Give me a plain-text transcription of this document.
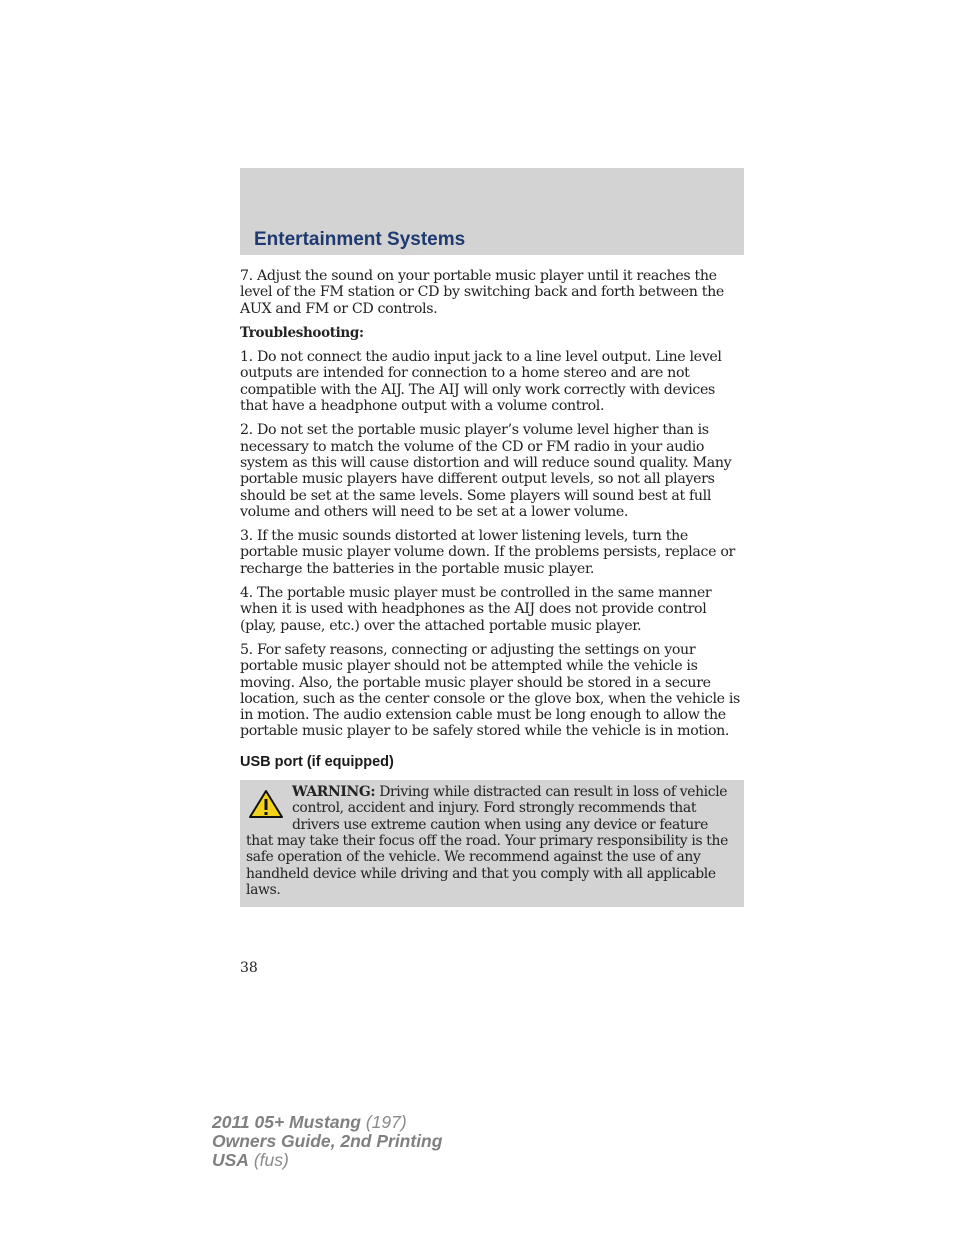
Entertainment Systems

7. Adjust the sound on your portable music player until it reaches the level of the FM station or CD by switching back and forth between the AUX and FM or CD controls.

Troubleshooting:

1. Do not connect the audio input jack to a line level output. Line level outputs are intended for connection to a home stereo and are not compatible with the AIJ. The AIJ will only work correctly with devices that have a headphone output with a volume control.

2. Do not set the portable music player’s volume level higher than is necessary to match the volume of the CD or FM radio in your audio system as this will cause distortion and will reduce sound quality. Many portable music players have different output levels, so not all players should be set at the same levels. Some players will sound best at full volume and others will need to be set at a lower volume.

3. If the music sounds distorted at lower listening levels, turn the portable music player volume down. If the problems persists, replace or recharge the batteries in the portable music player.

4. The portable music player must be controlled in the same manner when it is used with headphones as the AIJ does not provide control (play, pause, etc.) over the attached portable music player.

5. For safety reasons, connecting or adjusting the settings on your portable music player should not be attempted while the vehicle is moving. Also, the portable music player should be stored in a secure location, such as the center console or the glove box, when the vehicle is in motion. The audio extension cable must be long enough to allow the portable music player to be safely stored while the vehicle is in motion.

USB port (if equipped)
WARNING: Driving while distracted can result in loss of vehicle control, accident and injury. Ford strongly recommends that drivers use extreme caution when using any device or feature that may take their focus off the road. Your primary responsibility is the safe operation of the vehicle. We recommend against the use of any handheld device while driving and that you comply with all applicable laws.
38
2011 05+ Mustang (197)
Owners Guide, 2nd Printing
USA (fus)
